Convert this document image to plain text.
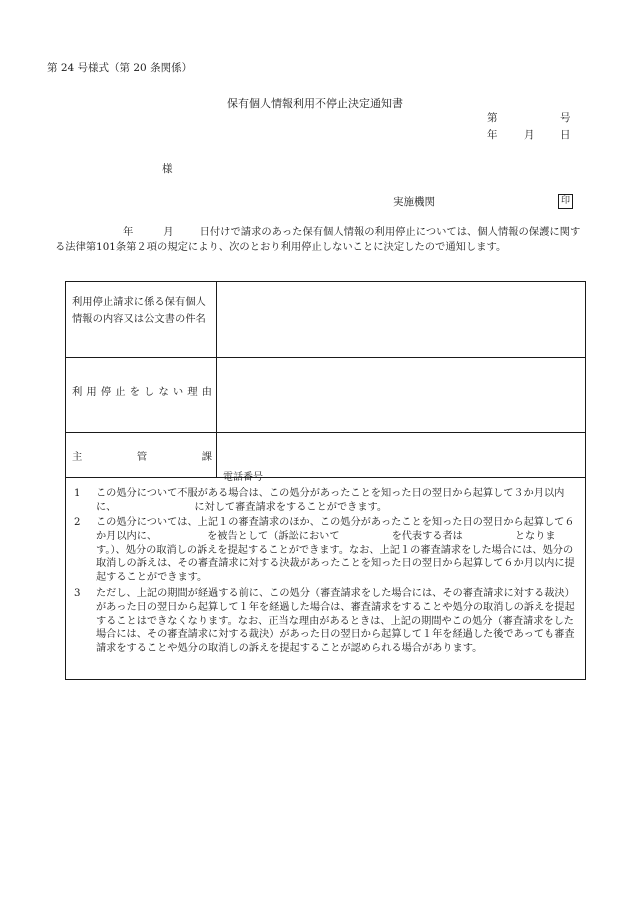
第 24 号様式（第 20 条関係）
保有個人情報利用不停止決定通知書
第	号
年	月 日
様
実施機関	印
年	月	日付けで請求のあった保有個人情報の利用停止については、個人情報の保護に関する法律第101条第２項の規定により、次のとおり利用停止しないことに決定したので通知します。
利用停止請求に係る保有個人情報の内容又は公文書の件名
利 用 停 止 を し な い 理 由
主	管	課
電話番号
1	この処分について不服がある場合は、この処分があったことを知った日の翌日から起算して３か月以内に、	に対して審査請求をすることができます。
2	この処分については、上記１の審査請求のほか、この処分があったことを知った日の翌日から起算して６か月以内に、	を被告として（訴訟において	を代表する者は	となります。）、処分の取消しの訴えを提起することができます。なお、上記１の審査請求をした場合には、処分の取消しの訴えは、その審査請求に対する決裁があったことを知った日の翌日から起算して６か月以内に提起することができます。
3	ただし、上記の期間が経過する前に、この処分（審査請求をした場合には、その審査請求に対する裁決）があった日の翌日から起算して１年を経過した場合は、審査請求をすることや処分の取消しの訴えを提起することはできなくなります。なお、正当な理由があるときは、上記の期間やこの処分（審査請求をした場合には、その審査請求に対する裁決）があった日の翌日から起算して１年を経過した後であっても審査請求をすることや処分の取消しの訴えを提起することが認められる場合があります。
